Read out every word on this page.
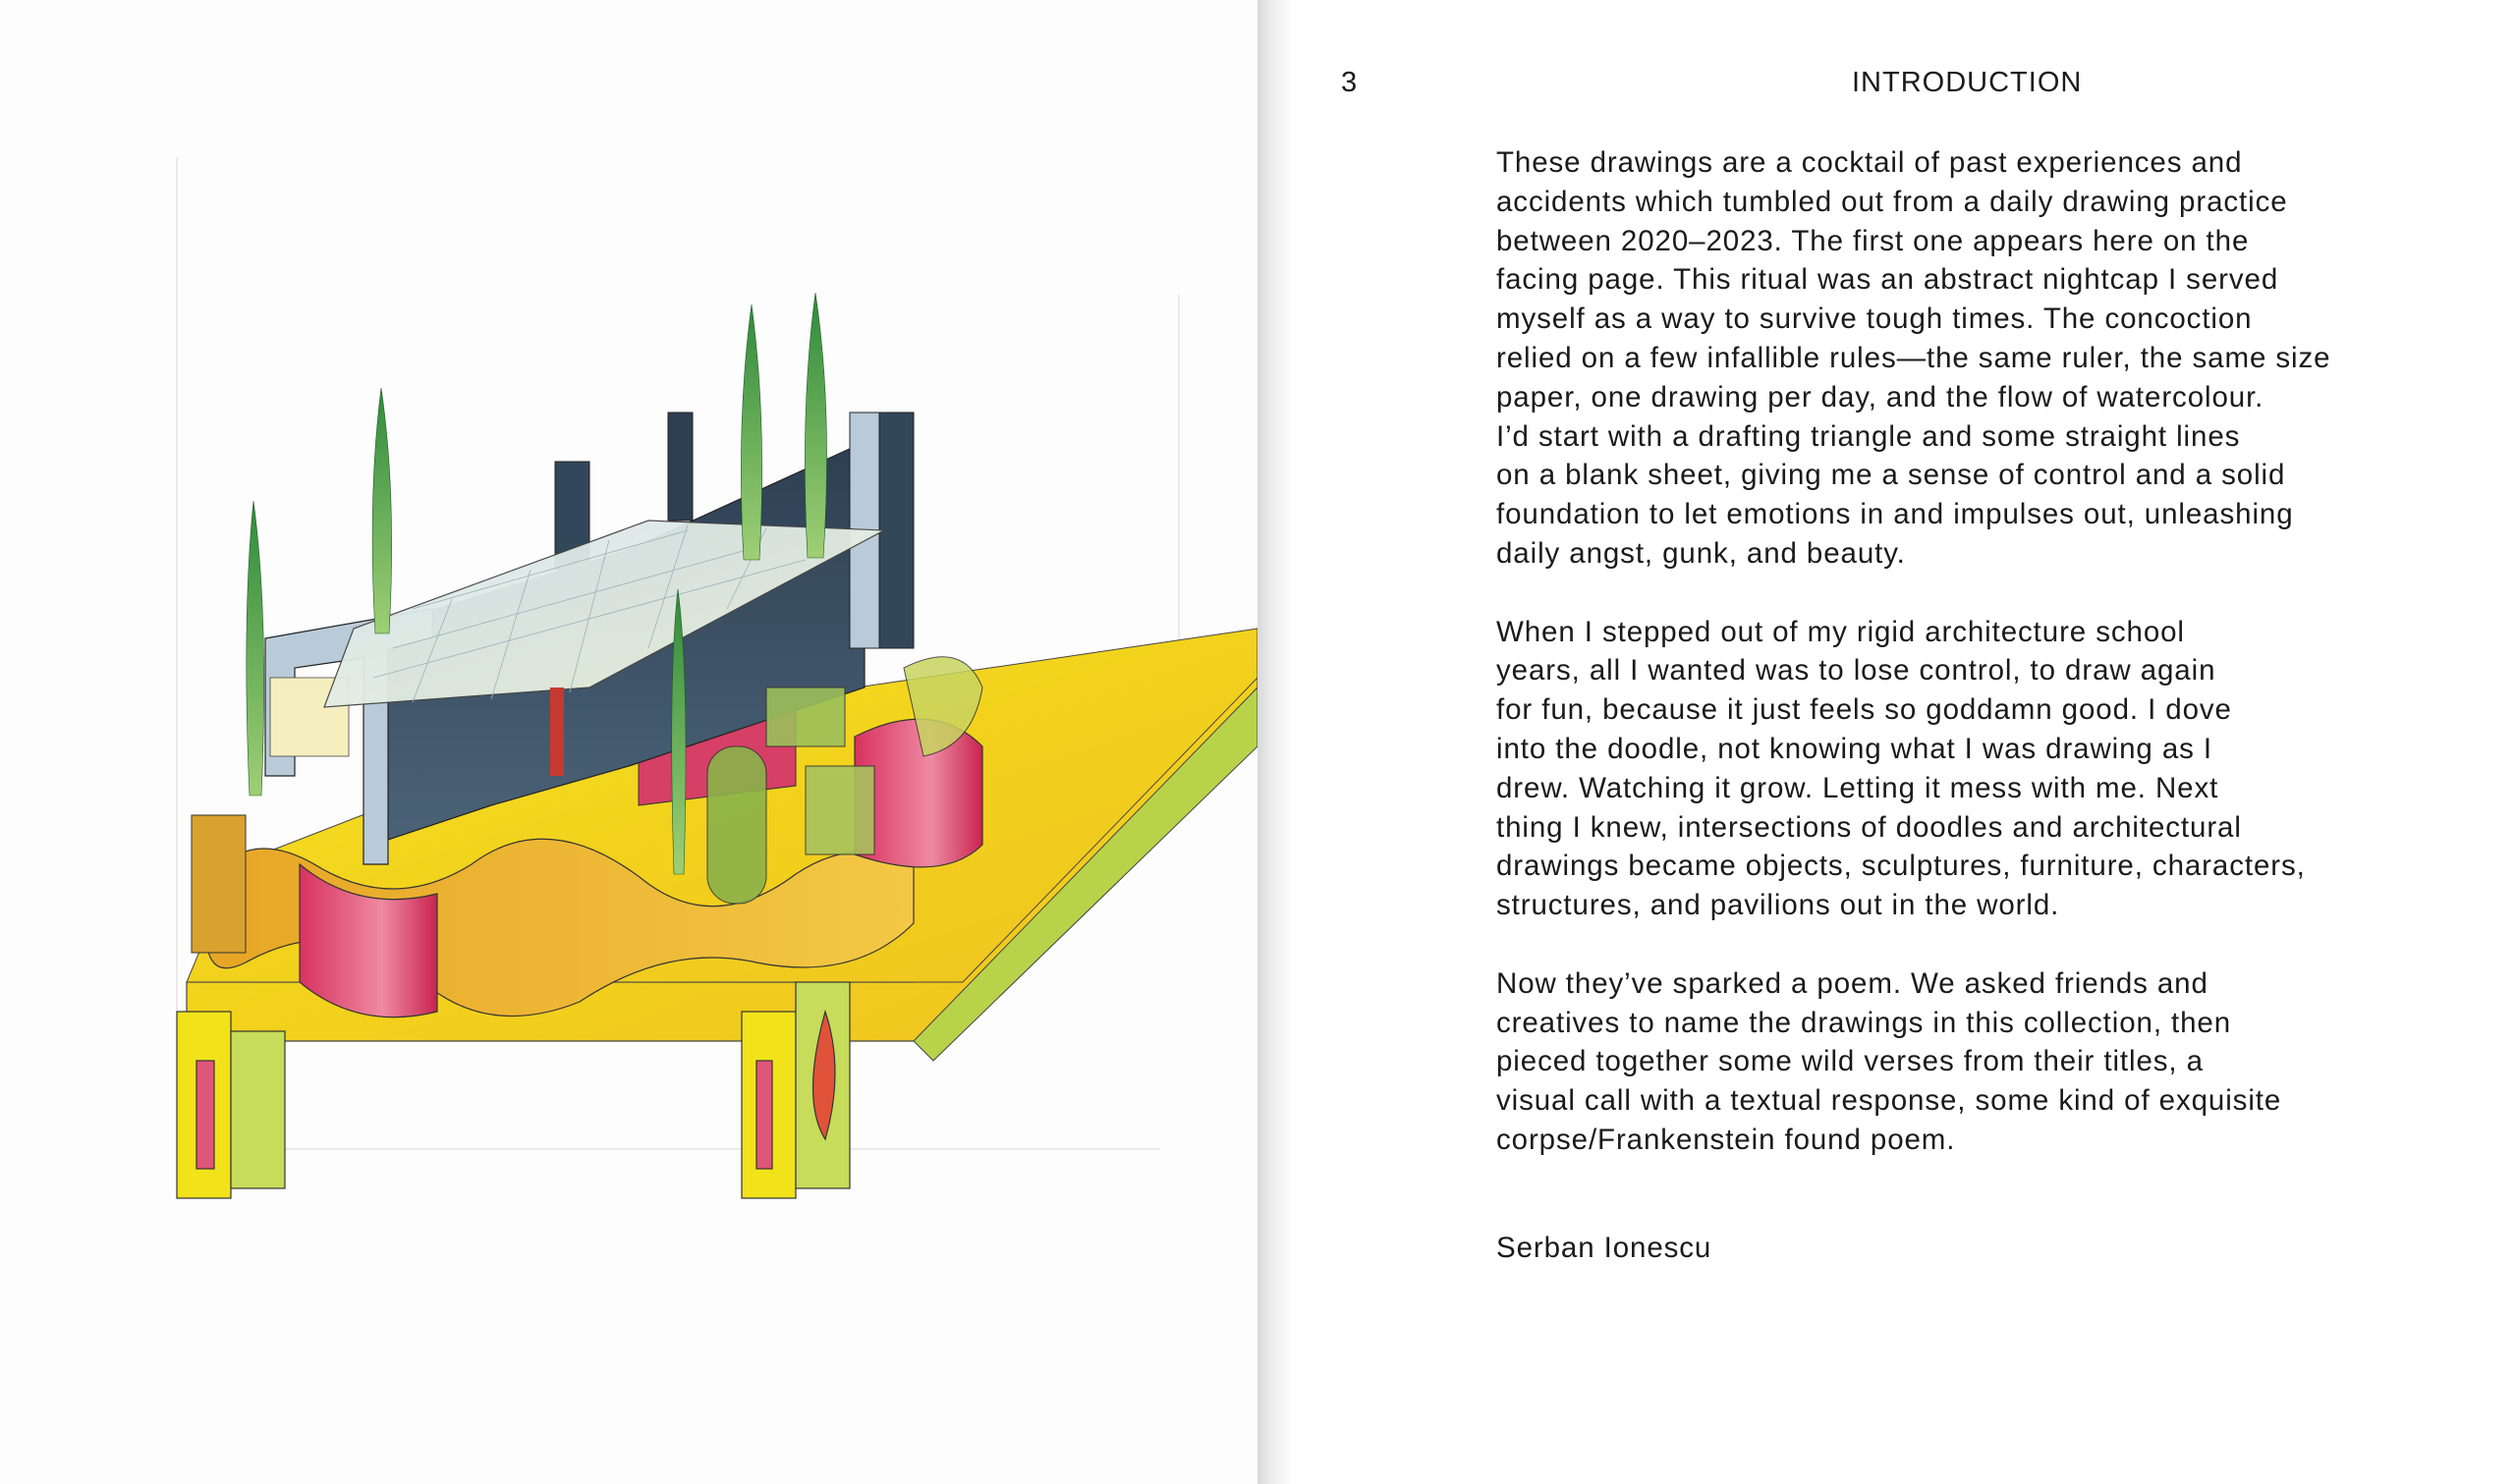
3	INTRODUCTION

These drawings are a cocktail of past experiences and
accidents which tumbled out from a daily drawing practice
between 2020–2023. The first one appears here on the
facing page. This ritual was an abstract nightcap I served
myself as a way to survive tough times. The concoction
relied on a few infallible rules—the same ruler, the same size
paper, one drawing per day, and the flow of watercolour.
I’d start with a drafting triangle and some straight lines
on a blank sheet, giving me a sense of control and a solid
foundation to let emotions in and impulses out, unleashing
daily angst, gunk, and beauty.

When I stepped out of my rigid architecture school
years, all I wanted was to lose control, to draw again
for fun, because it just feels so goddamn good. I dove
into the doodle, not knowing what I was drawing as I
drew. Watching it grow. Letting it mess with me. Next
thing I knew, intersections of doodles and architectural
drawings became objects, sculptures, furniture, characters,
structures, and pavilions out in the world.

Now they’ve sparked a poem. We asked friends and
creatives to name the drawings in this collection, then
pieced together some wild verses from their titles, a
visual call with a textual response, some kind of exquisite
corpse/Frankenstein found poem.

Serban Ionescu
